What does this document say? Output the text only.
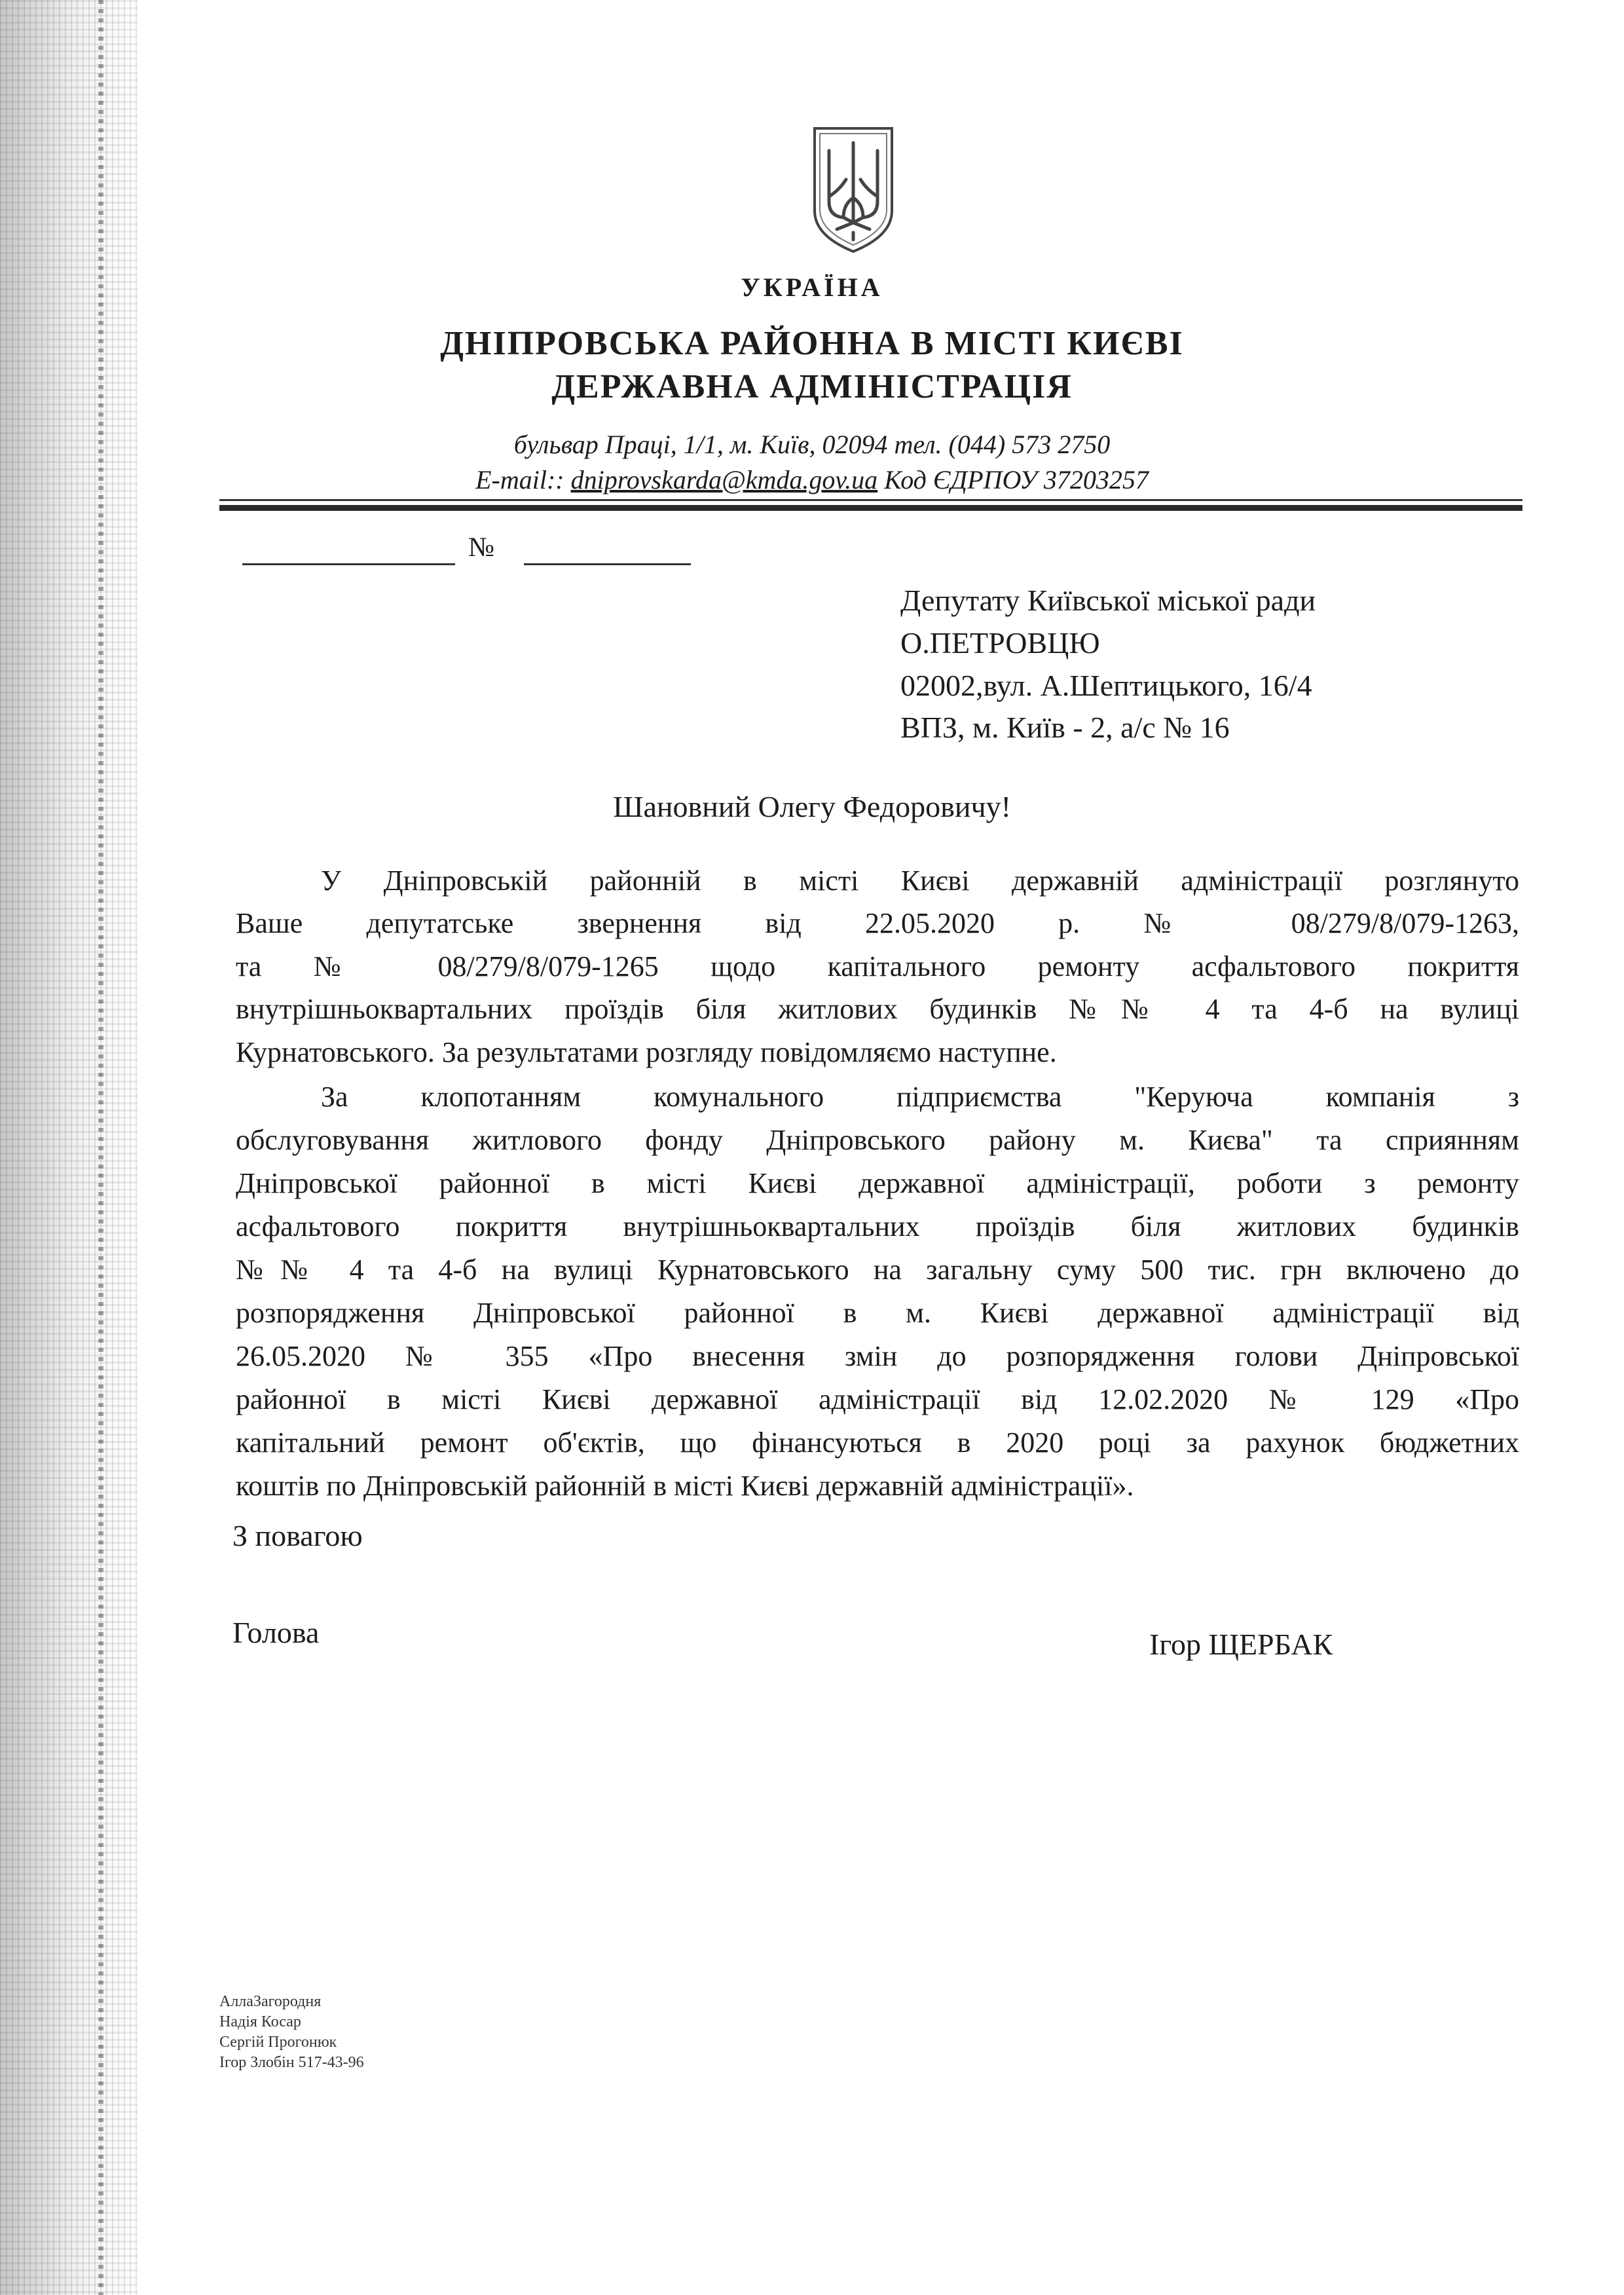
УКРАЇНА
ДНІПРОВСЬКА РАЙОННА В МІСТІ КИЄВІ
ДЕРЖАВНА АДМІНІСТРАЦІЯ
бульвар Праці, 1/1, м. Київ, 02094 тел. (044) 573 2750
E-mail:: dniprovskarda@kmda.gov.ua Код ЄДРПОУ 37203257
№
Депутату Київської міської ради
О.ПЕТРОВЦЮ
02002,вул. А.Шептицького, 16/4
ВПЗ, м. Київ - 2, а/с № 16
Шановний Олегу Федоровичу!
У Дніпровській районній в місті Києві державній адміністрації розглянуто
Ваше депутатське звернення від 22.05.2020 р. № 08/279/8/079-1263,
та № 08/279/8/079-1265 щодо капітального ремонту асфальтового покриття
внутрішньоквартальних проїздів біля житлових будинків №№ 4 та 4-б на вулиці
Курнатовського. За результатами розгляду повідомляємо наступне.
За клопотанням комунального підприємства "Керуюча компанія з
обслуговування житлового фонду Дніпровського району м. Києва" та сприянням
Дніпровської районної в місті Києві державної адміністрації, роботи з ремонту
асфальтового покриття внутрішньоквартальних проїздів біля житлових будинків
№№ 4 та 4-б на вулиці Курнатовського на загальну суму 500 тис. грн включено до
розпорядження Дніпровської районної в м. Києві державної адміністрації від
26.05.2020 № 355 «Про внесення змін до розпорядження голови Дніпровської
районної в місті Києві державної адміністрації від 12.02.2020 № 129 «Про
капітальний ремонт об'єктів, що фінансуються в 2020 році за рахунок бюджетних
коштів по Дніпровській районній в місті Києві державній адміністрації».
З повагою
Голова	Ігор ЩЕРБАК
АллаЗагородня
Надія Косар
Сергій Прогонюк
Ігор Злобін 517-43-96
